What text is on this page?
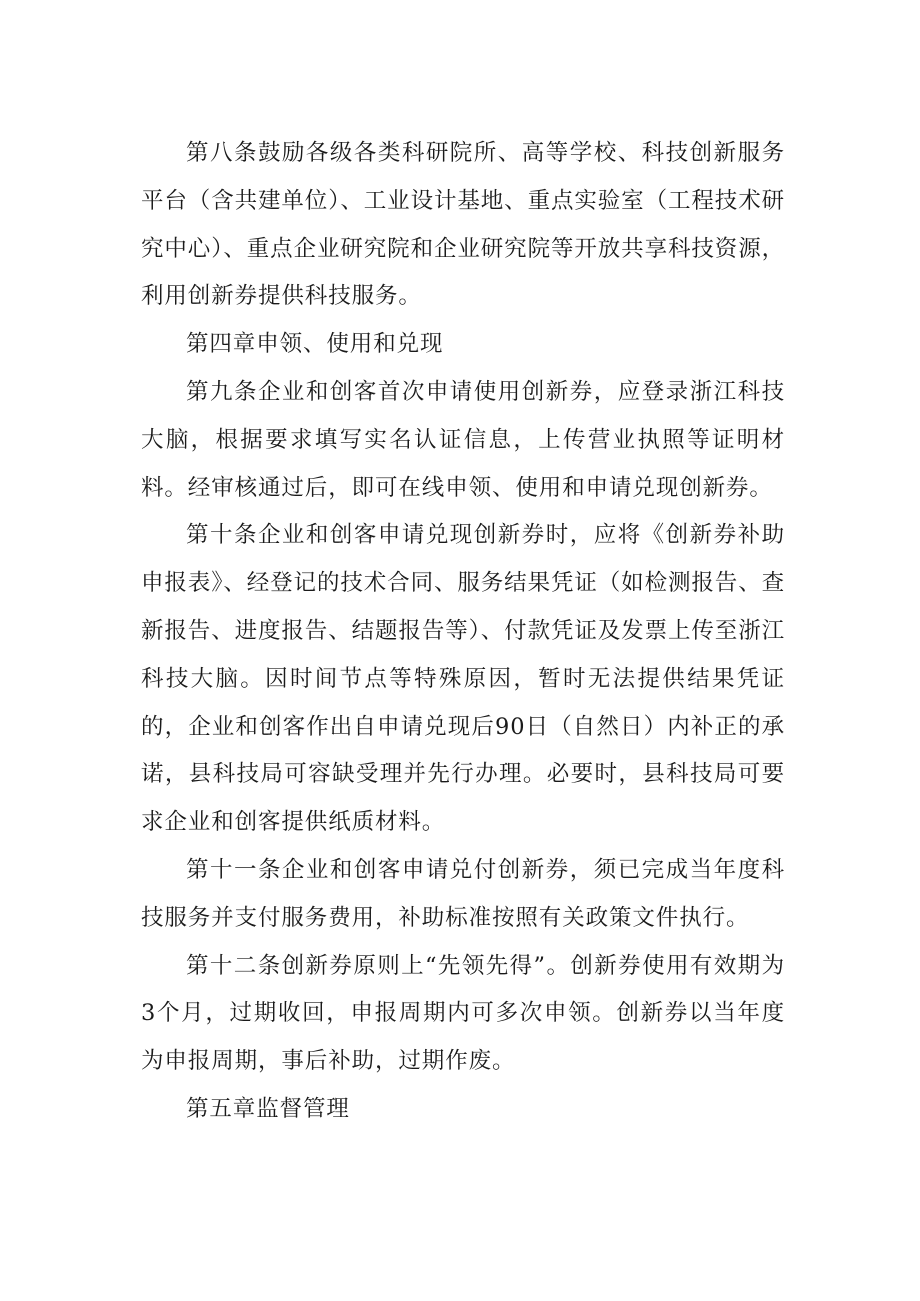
第八条鼓励各级各类科研院所、高等学校、科技创新服务平台（含共建单位）、工业设计基地、重点实验室（工程技术研究中心）、重点企业研究院和企业研究院等开放共享科技资源，利用创新券提供科技服务。

第四章申领、使用和兑现

第九条企业和创客首次申请使用创新券，应登录浙江科技大脑，根据要求填写实名认证信息，上传营业执照等证明材料。经审核通过后，即可在线申领、使用和申请兑现创新券。

第十条企业和创客申请兑现创新券时，应将《创新券补助申报表》、经登记的技术合同、服务结果凭证（如检测报告、查新报告、进度报告、结题报告等）、付款凭证及发票上传至浙江科技大脑。因时间节点等特殊原因，暂时无法提供结果凭证的，企业和创客作出自申请兑现后90日（自然日）内补正的承诺，县科技局可容缺受理并先行办理。必要时，县科技局可要求企业和创客提供纸质材料。

第十一条企业和创客申请兑付创新券，须已完成当年度科技服务并支付服务费用，补助标准按照有关政策文件执行。

第十二条创新券原则上“先领先得”。创新券使用有效期为3个月，过期收回，申报周期内可多次申领。创新券以当年度为申报周期，事后补助，过期作废。

第五章监督管理
